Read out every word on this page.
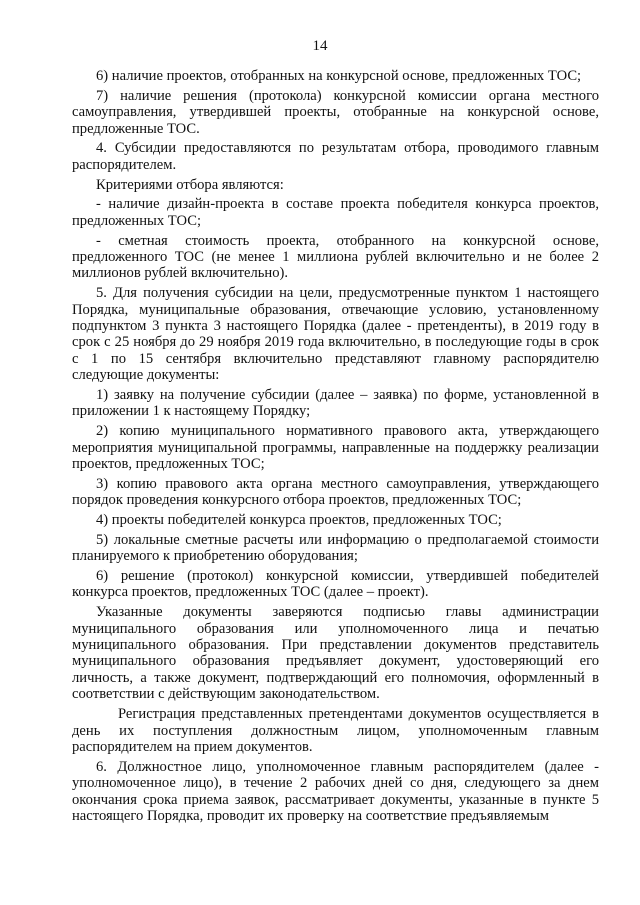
14

6) наличие проектов, отобранных на конкурсной основе, предложенных ТОС;

7) наличие решения (протокола) конкурсной комиссии органа местного самоуправления, утвердившей проекты, отобранные на конкурсной основе, предложенные ТОС.

4. Субсидии предоставляются по результатам отбора, проводимого главным распорядителем.

Критериями отбора являются:

- наличие дизайн-проекта в составе проекта победителя конкурса проектов, предложенных ТОС;

- сметная стоимость проекта, отобранного на конкурсной основе, предложенного ТОС (не менее 1 миллиона рублей включительно и не более 2 миллионов рублей включительно).

5. Для получения субсидии на цели, предусмотренные пунктом 1 настоящего Порядка, муниципальные образования, отвечающие условию, установленному подпунктом 3 пункта 3 настоящего Порядка (далее - претенденты), в 2019 году в срок с 25 ноября до 29 ноября 2019 года включительно, в последующие годы в срок с 1 по 15 сентября включительно представляют главному распорядителю следующие документы:

1) заявку на получение субсидии (далее – заявка) по форме, установленной в приложении 1 к настоящему Порядку;

2) копию муниципального нормативного правового акта, утверждающего мероприятия муниципальной программы, направленные на поддержку реализации проектов, предложенных ТОС;

3) копию правового акта органа местного самоуправления, утверждающего порядок проведения конкурсного отбора проектов, предложенных ТОС;

4) проекты победителей конкурса проектов, предложенных ТОС;

5) локальные сметные расчеты или информацию о предполагаемой стоимости планируемого к приобретению оборудования;

6) решение (протокол) конкурсной комиссии, утвердившей победителей конкурса проектов, предложенных ТОС (далее – проект).

Указанные документы заверяются подписью главы администрации муниципального образования или уполномоченного лица и печатью муниципального образования. При представлении документов представитель муниципального образования предъявляет документ, удостоверяющий его личность, а также документ, подтверждающий его полномочия, оформленный в соответствии с действующим законодательством.

Регистрация представленных претендентами документов осуществляется в день их поступления должностным лицом, уполномоченным главным распорядителем на прием документов.

6. Должностное лицо, уполномоченное главным распорядителем (далее - уполномоченное лицо), в течение 2 рабочих дней со дня, следующего за днем окончания срока приема заявок, рассматривает документы, указанные в пункте 5 настоящего Порядка, проводит их проверку на соответствие предъявляемым
